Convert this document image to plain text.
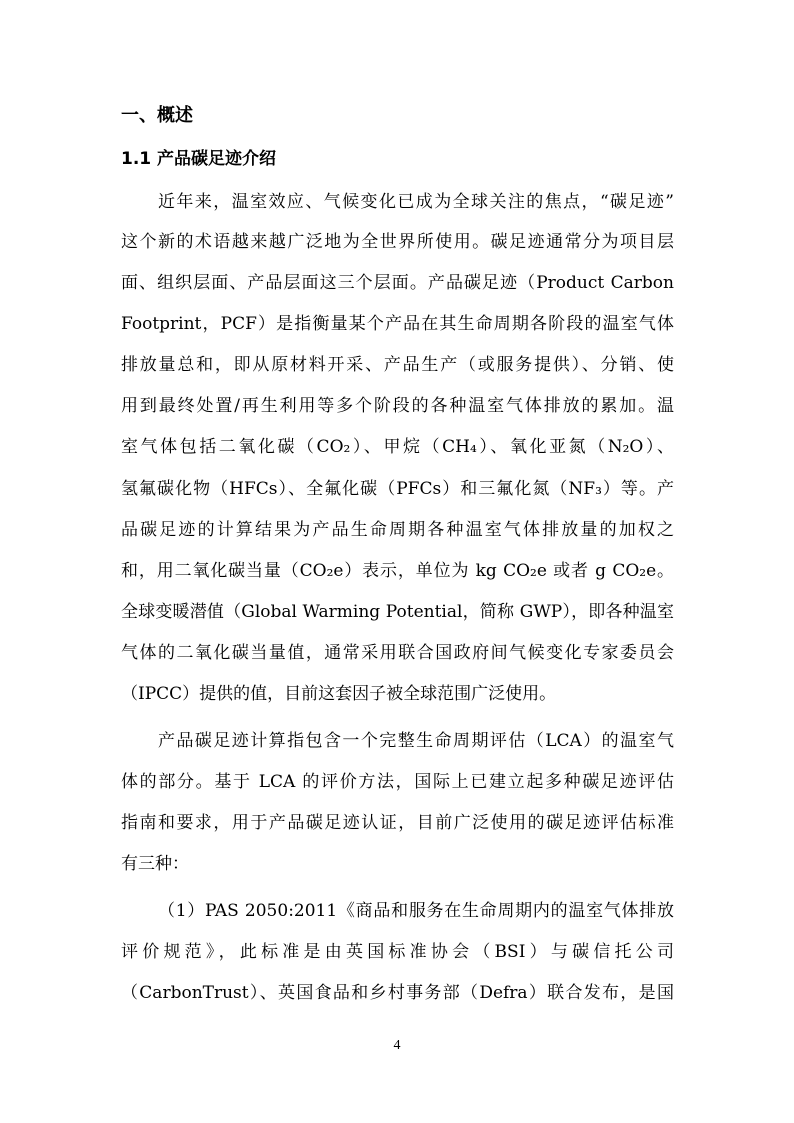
一、概述
1.1 产品碳足迹介绍
近年来，温室效应、气候变化已成为全球关注的焦点，“碳足迹”
这个新的术语越来越广泛地为全世界所使用。碳足迹通常分为项目层
面、组织层面、产品层面这三个层面。产品碳足迹（Product Carbon
Footprint，PCF）是指衡量某个产品在其生命周期各阶段的温室气体
排放量总和，即从原材料开采、产品生产（或服务提供）、分销、使
用到最终处置/再生利用等多个阶段的各种温室气体排放的累加。温
室气体包括二氧化碳（CO₂）、甲烷（CH₄）、氧化亚氮（N₂O）、
氢氟碳化物（HFCs）、全氟化碳（PFCs）和三氟化氮（NF₃）等。产
品碳足迹的计算结果为产品生命周期各种温室气体排放量的加权之
和，用二氧化碳当量（CO₂e）表示，单位为 kg CO₂e 或者 g CO₂e。
全球变暖潜值（Global Warming Potential，简称 GWP），即各种温室
气体的二氧化碳当量值，通常采用联合国政府间气候变化专家委员会
（IPCC）提供的值，目前这套因子被全球范围广泛使用。
产品碳足迹计算指包含一个完整生命周期评估（LCA）的温室气
体的部分。基于 LCA 的评价方法，国际上已建立起多种碳足迹评估
指南和要求，用于产品碳足迹认证，目前广泛使用的碳足迹评估标准
有三种：
（1）PAS 2050:2011《商品和服务在生命周期内的温室气体排放
评价规范》，此标准是由英国标准协会（BSI）与碳信托公司
（CarbonTrust）、英国食品和乡村事务部（Defra）联合发布，是国
4
